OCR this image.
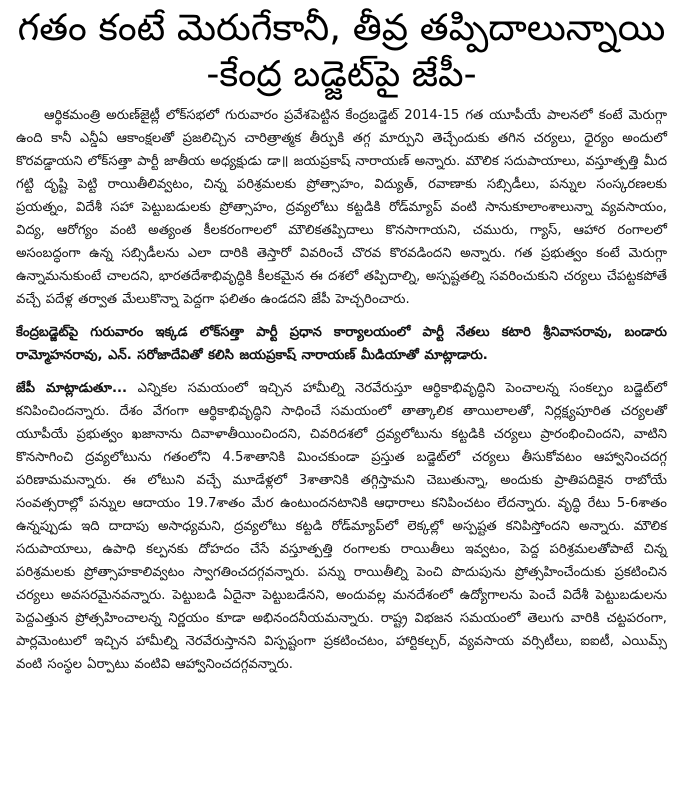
గతం కంటే మెరుగేకానీ, తీవ్ర తప్పిదాలున్నాయి
-కేంద్ర బడ్జెట్‌పై జేపీ-

ఆర్థికమంత్రి అరుణ్‌జైట్లీ లోక్‌సభలో గురువారం ప్రవేశపెట్టిన కేంద్రబడ్జెట్ 2014-15 గత యూపీయే పాలనలో కంటే మెరుగ్గా ఉంది కానీ ఎన్డీఏ ఆకాంక్షలతో ప్రజలిచ్చిన చారిత్రాత్మక తీర్పుకి తగ్గ మార్పుని తెచ్చేందుకు తగిన చర్యలు, ధైర్యం అందులో కొరవడ్డాయని లోక్‌సత్తా పార్టీ జాతీయ అధ్యక్షుడు డా॥ జయప్రకాష్ నారాయణ్ అన్నారు. మౌలిక సదుపాయాలు, వస్తూత్పత్తి మీద గట్టి దృష్టి పెట్టి రాయితీలివ్వటం, చిన్న పరిశ్రమలకు ప్రోత్సాహం, విద్యుత్, రవాణాకు సబ్సిడీలు, పన్నుల సంస్కరణలకు ప్రయత్నం, విదేశీ సహా పెట్టుబడులకు ప్రోత్సాహం, ద్రవ్యలోటు కట్టడికి రోడ్‌మ్యాప్ వంటి సానుకూలాంశాలున్నా వ్యవసాయం, విద్య, ఆరోగ్యం వంటి అత్యంత కీలకరంగాలలో మౌలికతప్పిదాలు కొనసాగాయని, చమురు, గ్యాస్, ఆహార రంగాలలో అసంబద్ధంగా ఉన్న సబ్సిడీలను ఎలా దారికి తెస్తారో వివరించే చొరవ కొరవడిందని అన్నారు. గత ప్రభుత్వం కంటే మెరుగ్గా ఉన్నామనుకుంటే చాలదని, భారతదేశాభివృద్ధికి కీలకమైన ఈ దశలో తప్పిదాల్ని, అస్పష్టతల్ని సవరించుకుని చర్యలు చేపట్టకపోతే వచ్చే పదేళ్ల తర్వాత మేలుకొన్నా పెద్దగా ఫలితం ఉండదని జేపీ హెచ్చరించారు.

కేంద్రబడ్జెట్‌పై గురువారం ఇక్కడ లోక్‌సత్తా పార్టీ ప్రధాన కార్యాలయంలో పార్టీ నేతలు కటారి శ్రీనివాసరావు, బండారు రామ్మోహనరావు, ఎన్. సరోజాదేవితో కలిసి జయప్రకాష్ నారాయణ్ మీడియాతో మాట్లాడారు.

జేపీ మాట్లాడుతూ... ఎన్నికల సమయంలో ఇచ్చిన హామీల్ని నెరవేరుస్తూ ఆర్థికాభివృద్ధిని పెంచాలన్న సంకల్పం బడ్జెట్‌లో కనిపించిందన్నారు. దేశం వేగంగా ఆర్థికాభివృద్ధిని సాధించే సమయంలో తాత్కాలిక తాయిలాలతో, నిర్లక్ష్యపూరిత చర్యలతో యూపీయే ప్రభుత్వం ఖజానాను దివాళాతీయించిందని, చివరిదశలో ద్రవ్యలోటును కట్టడికి చర్యలు ప్రారంభించిందని, వాటిని కొనసాగించి ద్రవ్యలోటును గతంలోని 4.5శాతానికి మించకుండా ప్రస్తుత బడ్జెట్‌లో చర్యలు తీసుకోవటం ఆహ్వానించదగ్గ పరిణామమన్నారు. ఈ లోటుని వచ్చే మూడేళ్లలో 3శాతానికి తగ్గిస్తామని చెబుతున్నా, అందుకు ప్రాతిపదికైన రాబోయే సంవత్సరాల్లో పన్నుల ఆదాయం 19.7శాతం మేర ఉంటుందనటానికి ఆధారాలు కనిపించటం లేదన్నారు. వృద్ధి రేటు 5-6శాతం ఉన్నప్పుడు ఇది దాదాపు అసాధ్యమని, ద్రవ్యలోటు కట్టడి రోడ్‌మ్యాప్‌లో లెక్కల్లో అస్పష్టత కనిపిస్తోందని అన్నారు. మౌలిక సదుపాయాలు, ఉపాధి కల్పనకు దోహదం చేసే వస్తూత్పత్తి రంగాలకు రాయితీలు ఇవ్వటం, పెద్ద పరిశ్రమలతోపాటే చిన్న పరిశ్రమలకు ప్రోత్సాహకాలివ్వటం స్వాగతించదగ్గవన్నారు. పన్ను రాయితీల్ని పెంచి పొదుపును ప్రోత్సహించేందుకు ప్రకటించిన చర్యలు అవసరమైనవన్నారు. పెట్టుబడి ఏదైనా పెట్టుబడేనని, అందువల్ల మనదేశంలో ఉద్యోగాలను పెంచే విదేశీ పెట్టుబడులను పెద్దఎత్తున ప్రోత్సహించాలన్న నిర్ణయం కూడా అభినందనీయమన్నారు. రాష్ట్ర విభజన సమయంలో తెలుగు వారికి చట్టపరంగా, పార్లమెంటులో ఇచ్చిన హామీల్ని నెరవేరుస్తానని విస్పష్టంగా ప్రకటించటం, హార్టికల్చర్, వ్యవసాయ వర్సిటీలు, ఐఐటీ, ఎయిమ్స్ వంటి సంస్థల ఏర్పాటు వంటివి ఆహ్వానించదగ్గవన్నారు.
